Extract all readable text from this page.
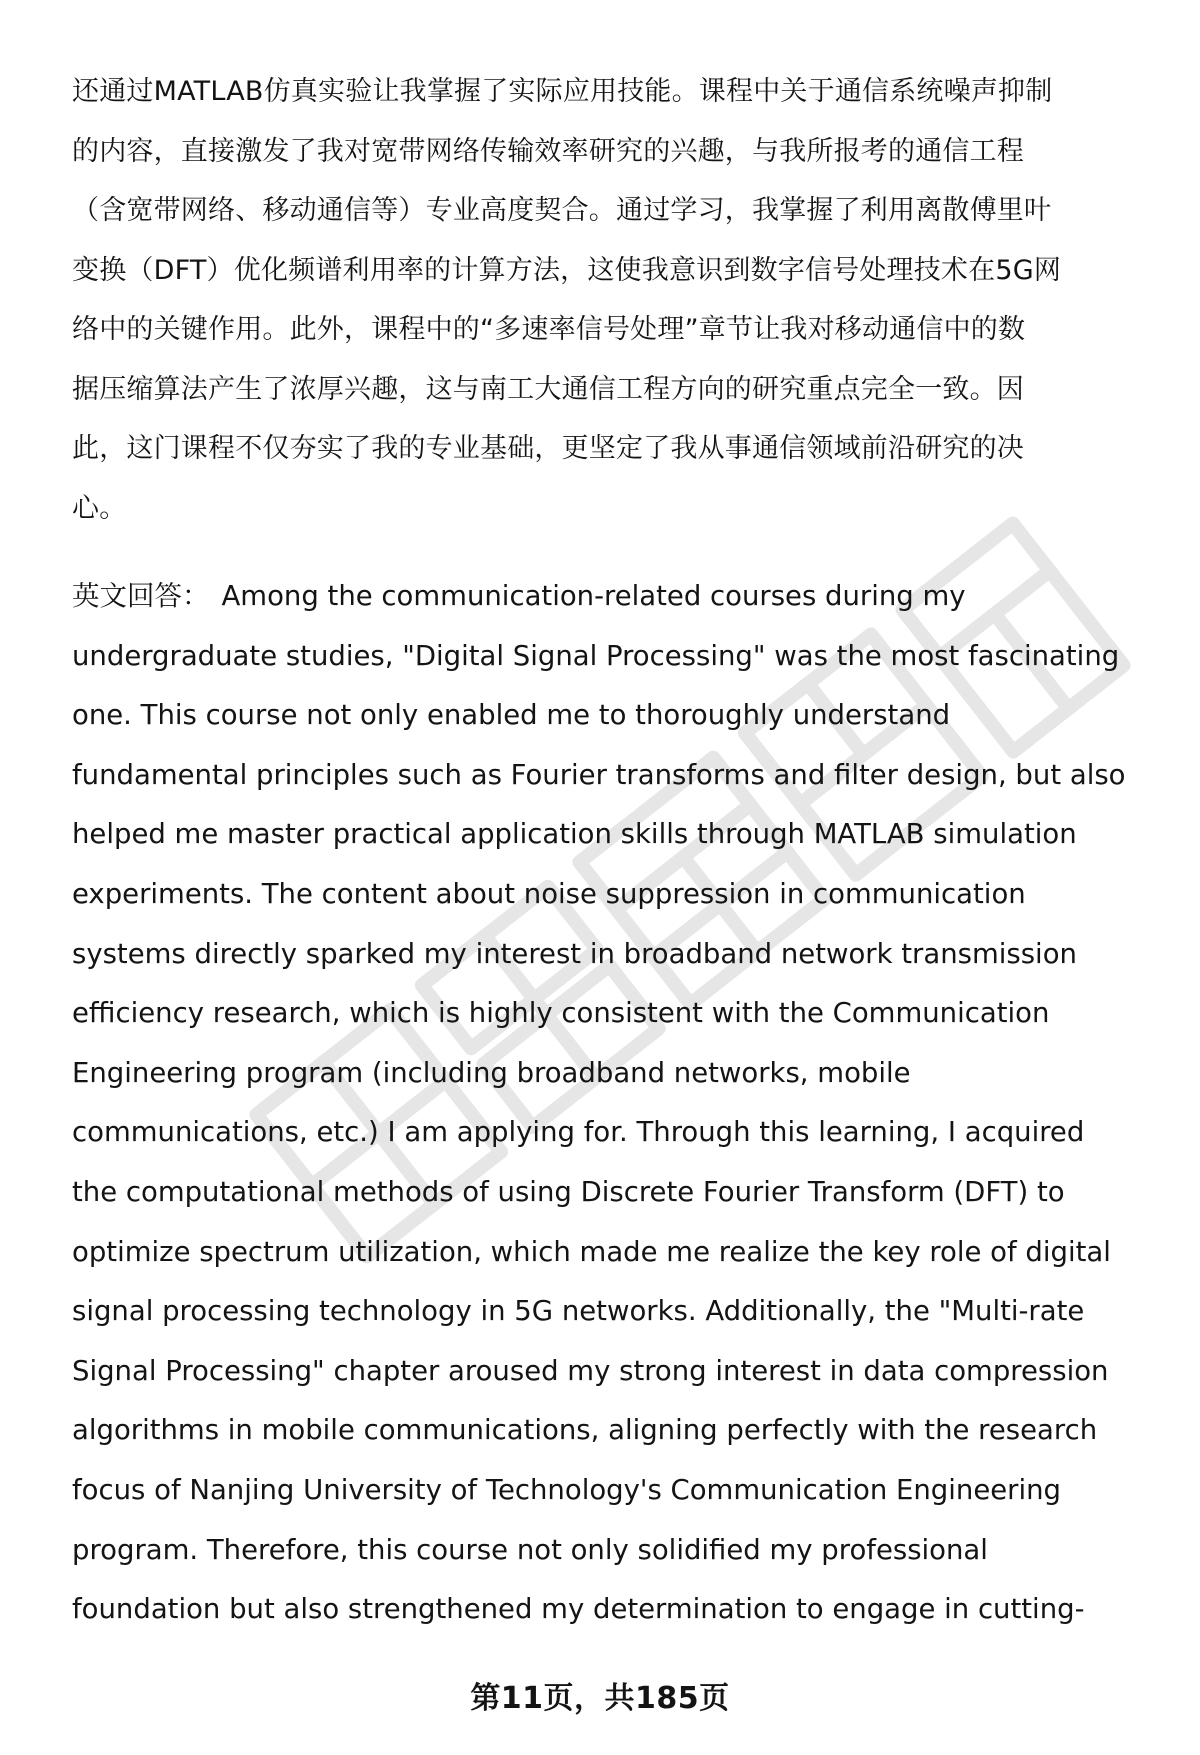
还通过MATLAB仿真实验让我掌握了实际应用技能。课程中关于通信系统噪声抑制
的内容，直接激发了我对宽带网络传输效率研究的兴趣，与我所报考的通信工程
（含宽带网络、移动通信等）专业高度契合。通过学习，我掌握了利用离散傅里叶
变换（DFT）优化频谱利用率的计算方法，这使我意识到数字信号处理技术在5G网
络中的关键作用。此外，课程中的“多速率信号处理”章节让我对移动通信中的数
据压缩算法产生了浓厚兴趣，这与南工大通信工程方向的研究重点完全一致。因
此，这门课程不仅夯实了我的专业基础，更坚定了我从事通信领域前沿研究的决
心。
英文回答： Among the communication-related courses during my
undergraduate studies, "Digital Signal Processing" was the most fascinating
one. This course not only enabled me to thoroughly understand
fundamental principles such as Fourier transforms and filter design, but also
helped me master practical application skills through MATLAB simulation
experiments. The content about noise suppression in communication
systems directly sparked my interest in broadband network transmission
efficiency research, which is highly consistent with the Communication
Engineering program (including broadband networks, mobile
communications, etc.) I am applying for. Through this learning, I acquired
the computational methods of using Discrete Fourier Transform (DFT) to
optimize spectrum utilization, which made me realize the key role of digital
signal processing technology in 5G networks. Additionally, the "Multi-rate
Signal Processing" chapter aroused my strong interest in data compression
algorithms in mobile communications, aligning perfectly with the research
focus of Nanjing University of Technology's Communication Engineering
program. Therefore, this course not only solidified my professional
foundation but also strengthened my determination to engage in cutting-
第11页，共185页
